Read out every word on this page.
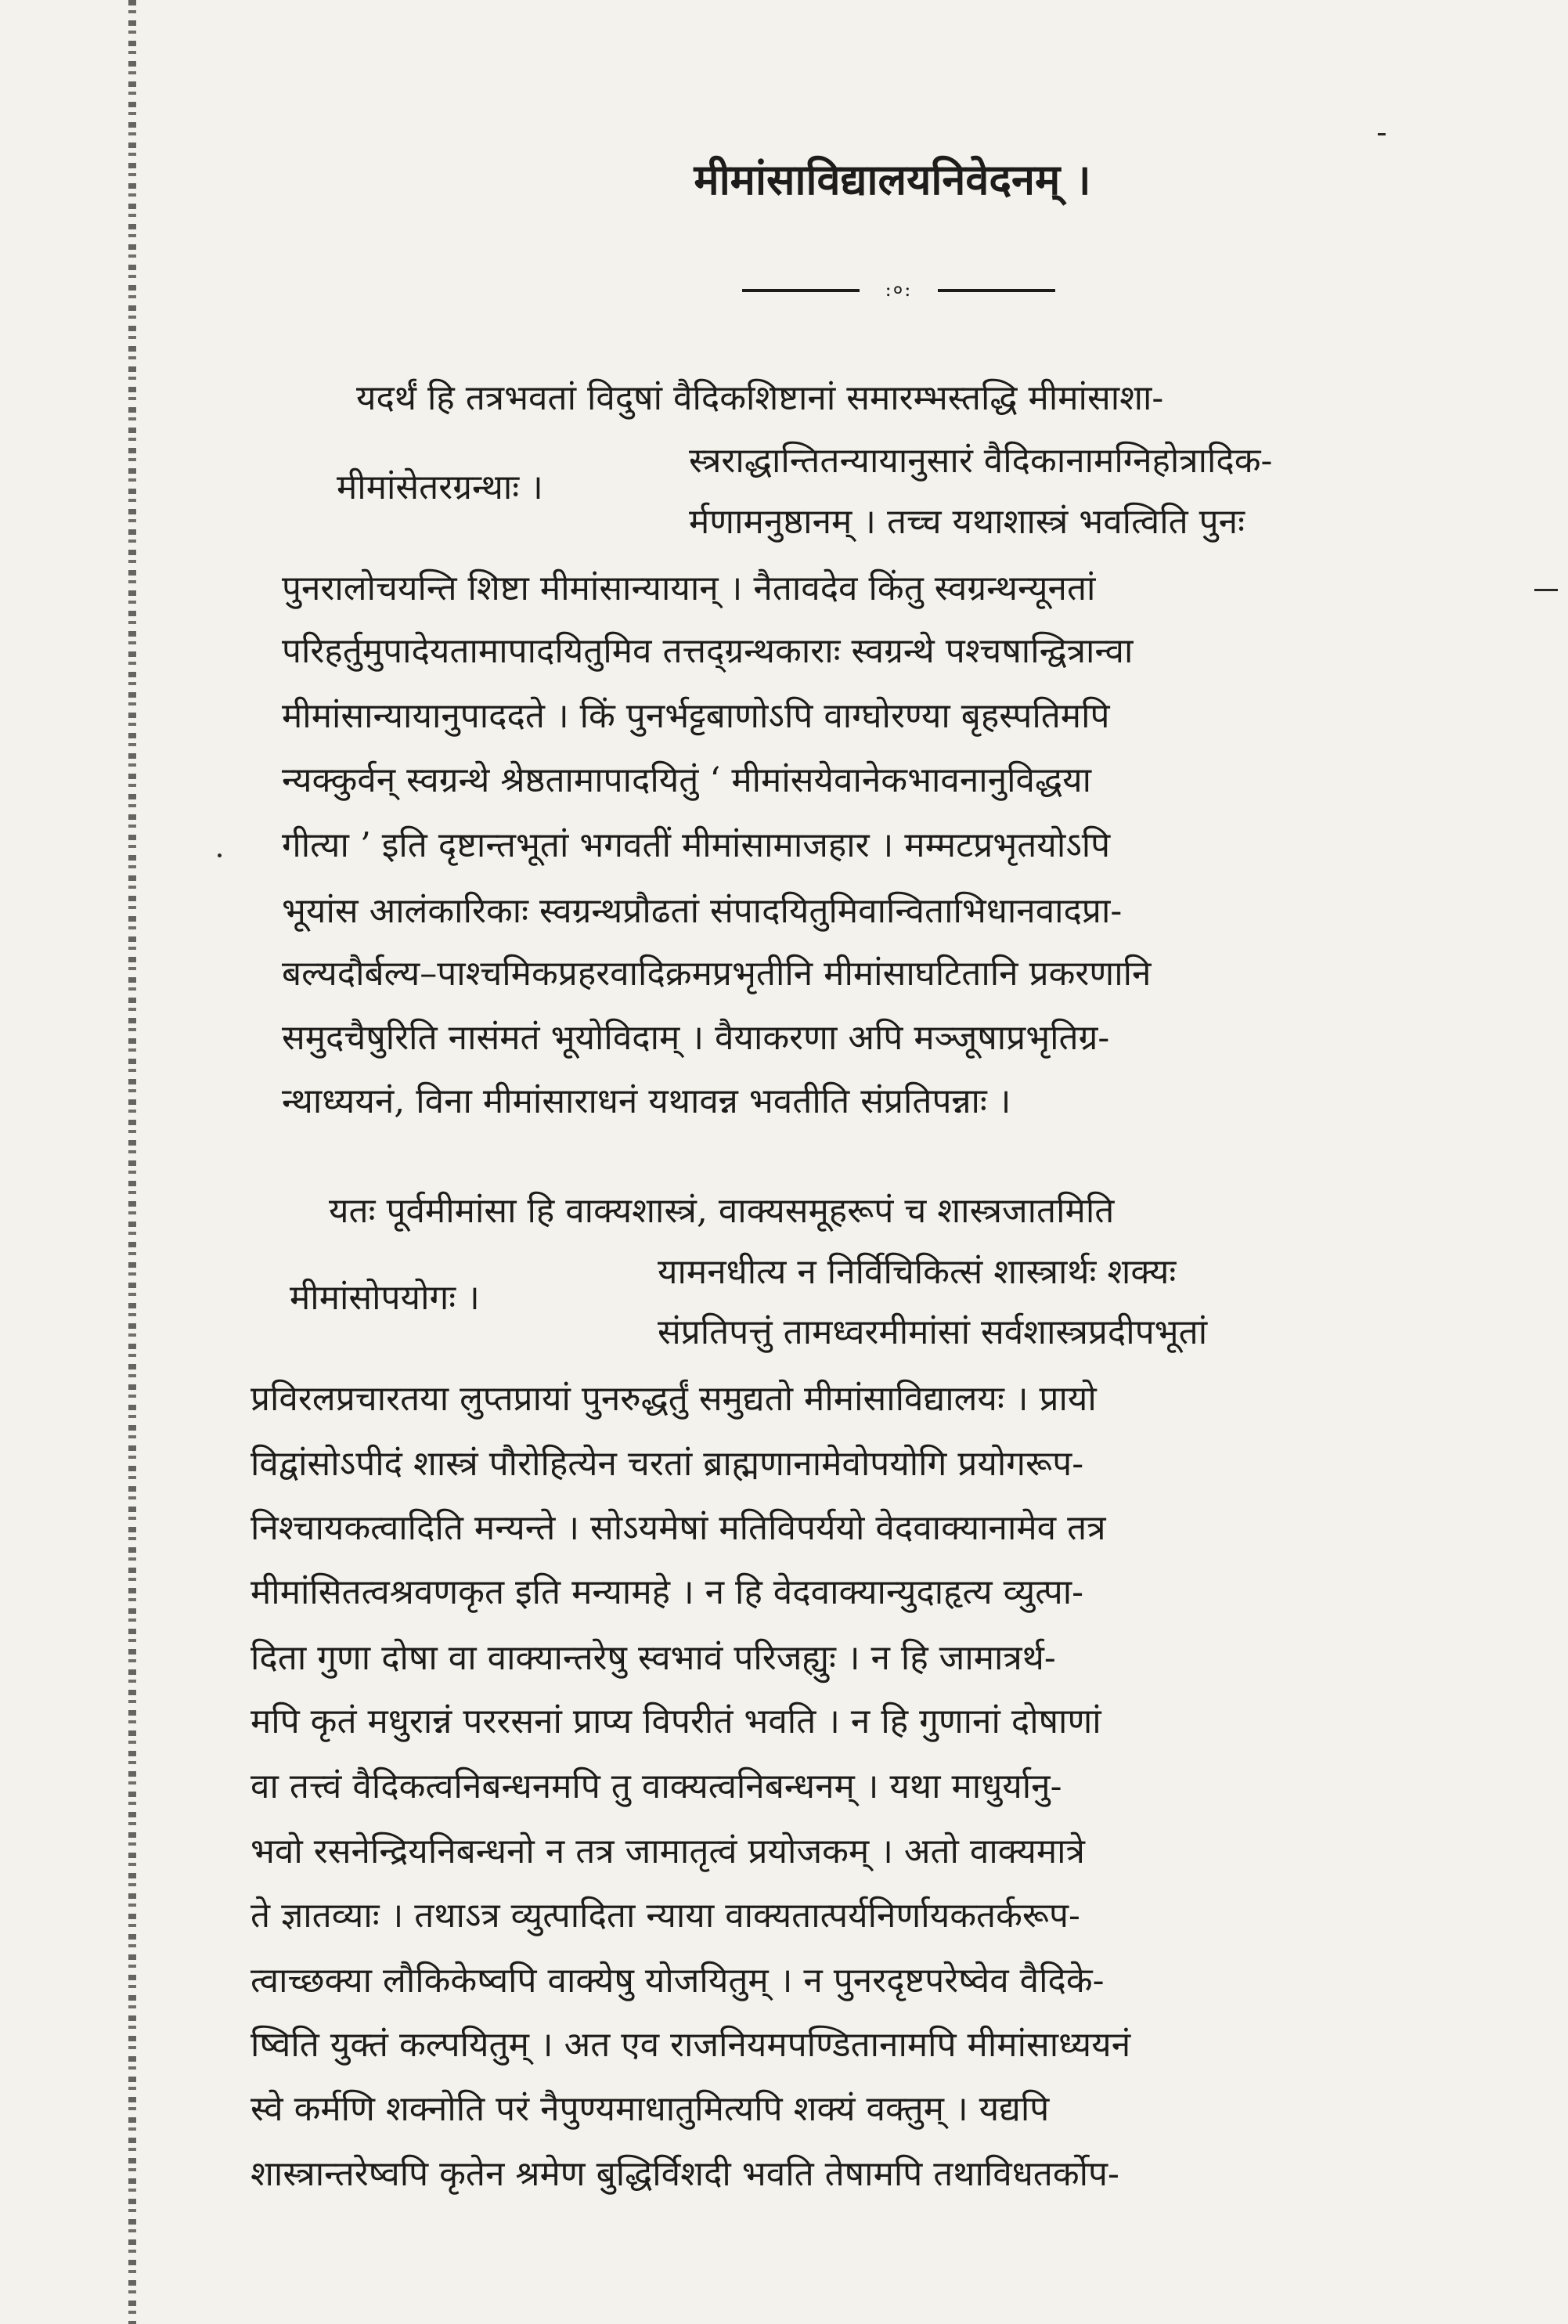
मीमांसाविद्यालयनिवेदनम् ।
:०:
मीमांसेतरग्रन्थाः ।
यदर्थं हि तत्रभवतां विदुषां वैदिकशिष्टानां समारम्भस्तद्धि मीमांसाशा-
स्त्रराद्धान्तितन्यायानुसारं वैदिकानामग्निहोत्रादिक-
र्मणामनुष्ठानम् । तच्च यथाशास्त्रं भवत्विति पुनः
पुनरालोचयन्ति शिष्टा मीमांसान्यायान् । नैतावदेव किंतु स्वग्रन्थन्यूनतां
परिहर्तुमुपादेयतामापादयितुमिव तत्तद्ग्रन्थकाराः स्वग्रन्थे पश्चषान्द्वित्रान्वा
मीमांसान्यायानुपाददते । किं पुनर्भट्टबाणोऽपि वाग्घोरण्या बृहस्पतिमपि
न्यक्कुर्वन् स्वग्रन्थे श्रेष्ठतामापादयितुं ‘ मीमांसयेवानेकभावनानुविद्धया
गीत्या ’ इति दृष्टान्तभूतां भगवतीं मीमांसामाजहार । मम्मटप्रभृतयोऽपि
भूयांस आलंकारिकाः स्वग्रन्थप्रौढतां संपादयितुमिवान्विताभिधानवादप्रा-
बल्यदौर्बल्य–पाश्चमिकप्रहरवादिक्रमप्रभृतीनि मीमांसाघटितानि प्रकरणानि
समुदचैषुरिति नासंमतं भूयोविदाम् । वैयाकरणा अपि मञ्जूषाप्रभृतिग्र-
न्थाध्ययनं, विना मीमांसाराधनं यथावन्न भवतीति संप्रतिपन्नाः ।
मीमांसोपयोगः ।
यतः पूर्वमीमांसा हि वाक्यशास्त्रं, वाक्यसमूहरूपं च शास्त्रजातमिति
यामनधीत्य न निर्विचिकित्सं शास्त्रार्थः शक्यः
संप्रतिपत्तुं तामध्वरमीमांसां सर्वशास्त्रप्रदीपभूतां
प्रविरलप्रचारतया लुप्तप्रायां पुनरुद्धर्तुं समुद्यतो मीमांसाविद्यालयः । प्रायो
विद्वांसोऽपीदं शास्त्रं पौरोहित्येन चरतां ब्राह्मणानामेवोपयोगि प्रयोगरूप-
निश्चायकत्वादिति मन्यन्ते । सोऽयमेषां मतिविपर्ययो वेदवाक्यानामेव तत्र
मीमांसितत्वश्रवणकृत इति मन्यामहे । न हि वेदवाक्यान्युदाहृत्य व्युत्पा-
दिता गुणा दोषा वा वाक्यान्तरेषु स्वभावं परिजह्युः । न हि जामात्रर्थ-
मपि कृतं मधुरान्नं पररसनां प्राप्य विपरीतं भवति । न हि गुणानां दोषाणां
वा तत्त्वं वैदिकत्वनिबन्धनमपि तु वाक्यत्वनिबन्धनम् । यथा माधुर्यानु-
भवो रसनेन्द्रियनिबन्धनो न तत्र जामातृत्वं प्रयोजकम् । अतो वाक्यमात्रे
ते ज्ञातव्याः । तथाऽत्र व्युत्पादिता न्याया वाक्यतात्पर्यनिर्णायकतर्करूप-
त्वाच्छक्या लौकिकेष्वपि वाक्येषु योजयितुम् । न पुनरदृष्टपरेष्वेव वैदिके-
ष्विति युक्तं कल्पयितुम् । अत एव राजनियमपण्डितानामपि मीमांसाध्ययनं
स्वे कर्मणि शक्नोति परं नैपुण्यमाधातुमित्यपि शक्यं वक्तुम् । यद्यपि
शास्त्रान्तरेष्वपि कृतेन श्रमेण बुद्धिर्विशदी भवति तेषामपि तथाविधतर्कोप-
